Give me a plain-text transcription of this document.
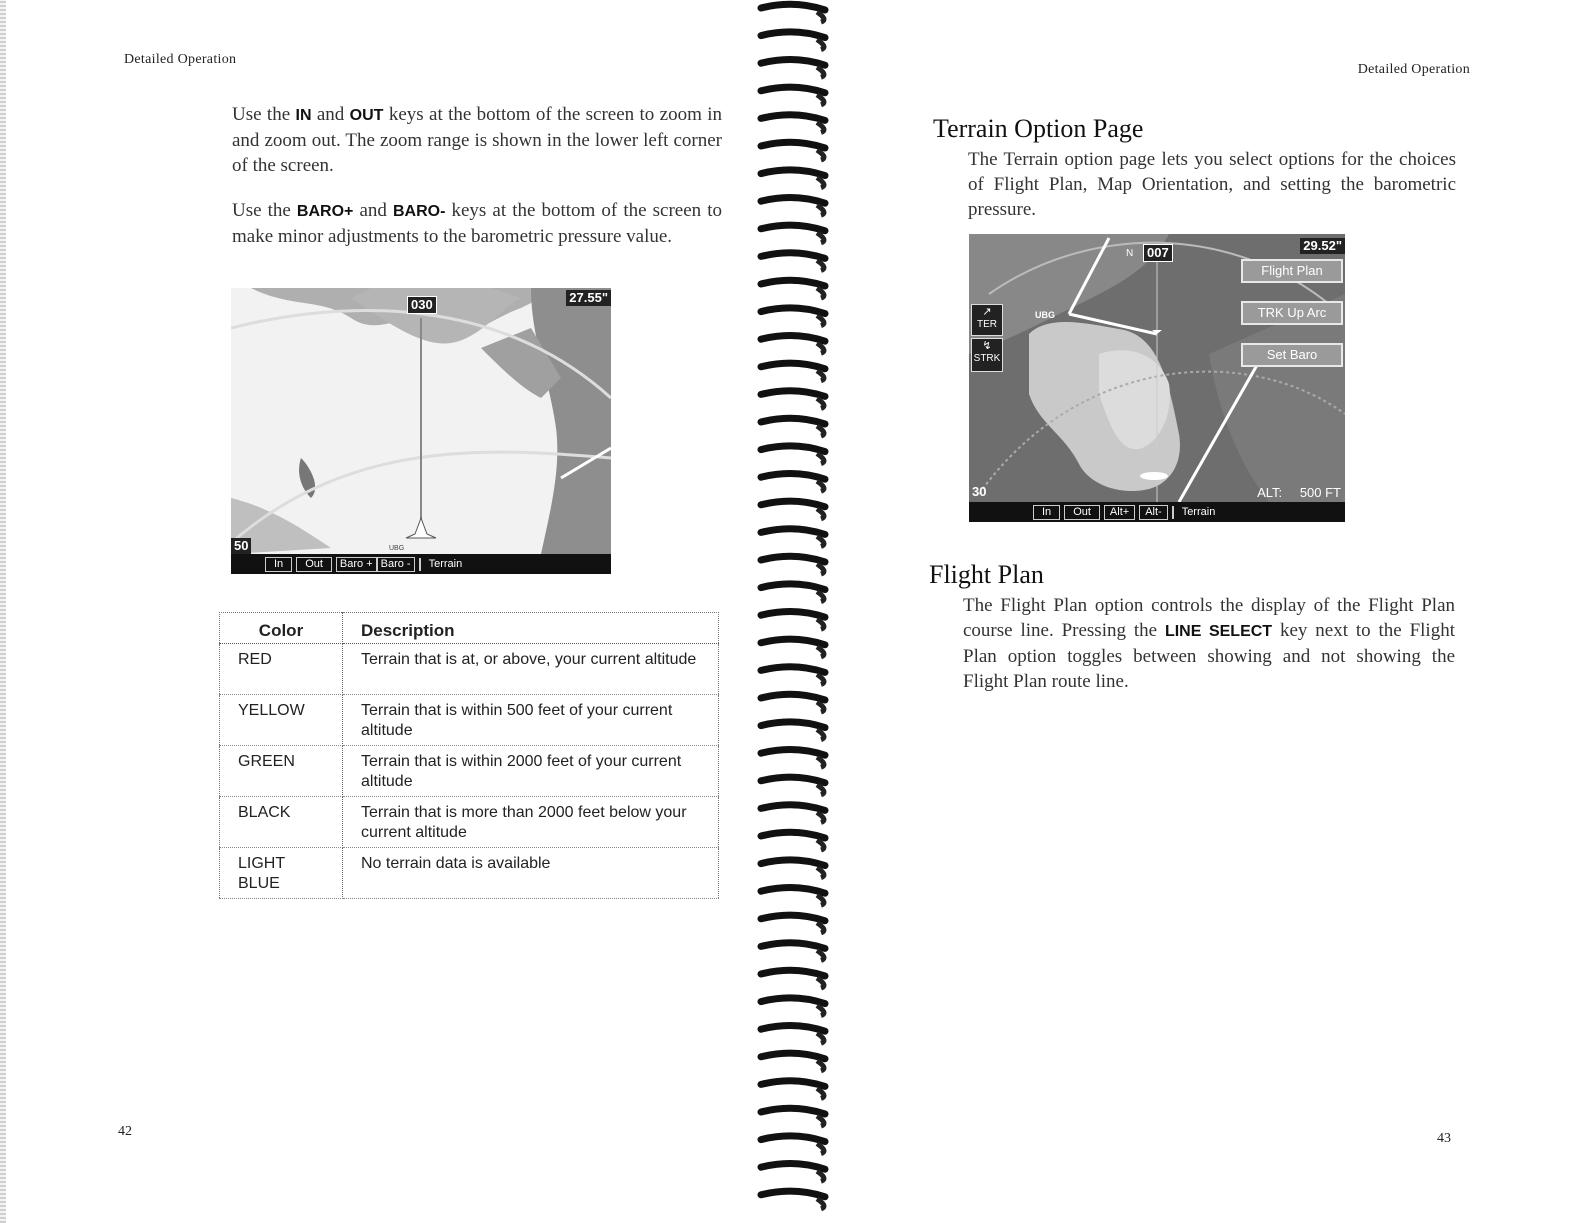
Detailed Operation
Use the IN and OUT keys at the bottom of the screen to zoom in and zoom out. The zoom range is shown in the lower left corner of the screen.
Use the BARO+ and BARO- keys at the bottom of the screen to make minor adjustments to the barometric pressure value.
030	27.55"
50	UBG
In	Out	Baro + Baro -	Terrain
Color	Description
RED	Terrain that is at, or above, your current altitude
YELLOW	Terrain that is within 500 feet of your current altitude
GREEN	Terrain that is within 2000 feet of your current altitude
BLACK	Terrain that is more than 2000 feet below your current altitude
LIGHT BLUE	No terrain data is available
42
Detailed Operation
Terrain Option Page
The Terrain option page lets you select options for the choices of Flight Plan, Map Orientation, and setting the barometric pressure.
007
N
29.52"
Flight Plan
TRK Up Arc
Set Baro
↗
TER
↯
STRK
UBG
30	ALT: 500 FT
In	Out	Alt+	Alt-	Terrain
Flight Plan
The Flight Plan option controls the display of the Flight Plan course line. Pressing the LINE SELECT key next to the Flight Plan option toggles between showing and not showing the Flight Plan route line.
43
